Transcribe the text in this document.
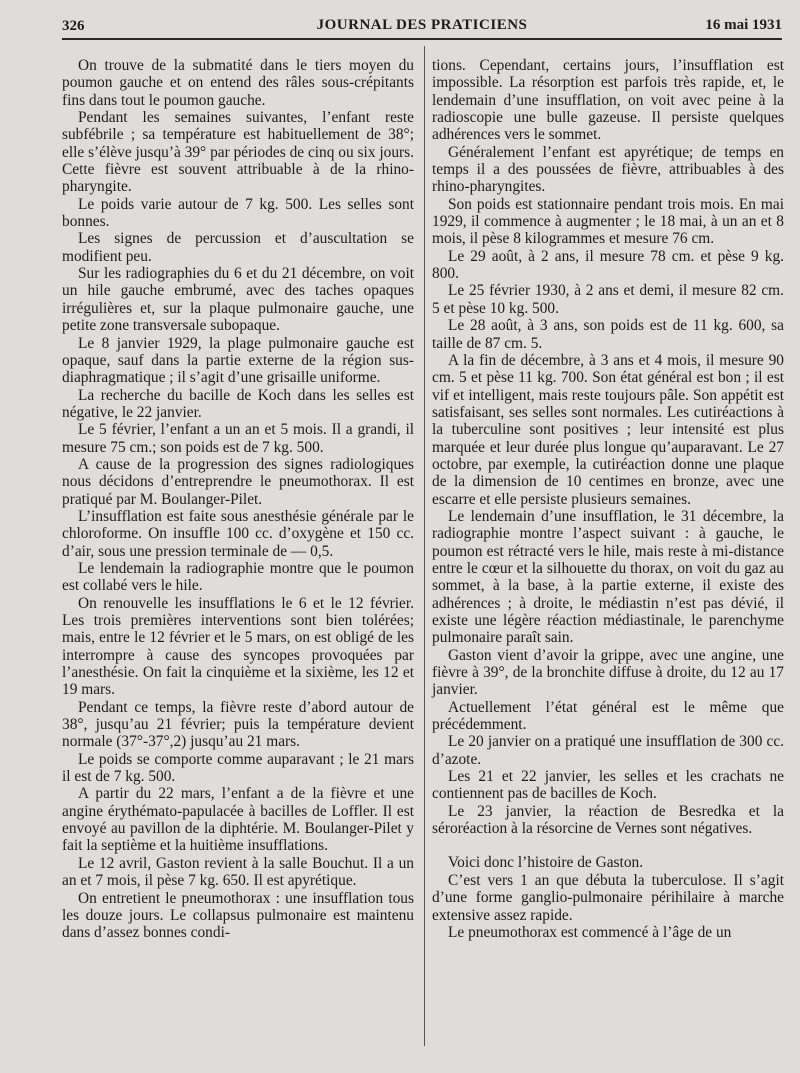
326	JOURNAL DES PRATICIENS	16 mai 1931

On trouve de la submatité dans le tiers moyen du poumon gauche et on entend des râles sous-crépitants fins dans tout le poumon gauche.

Pendant les semaines suivantes, l’enfant reste subfébrile ; sa température est habituellement de 38°; elle s’élève jusqu’à 39° par périodes de cinq ou six jours. Cette fièvre est souvent attribuable à de la rhino-pharyngite.

Le poids varie autour de 7 kg. 500. Les selles sont bonnes.

Les signes de percussion et d’auscultation se modifient peu.

Sur les radiographies du 6 et du 21 décembre, on voit un hile gauche embrumé, avec des taches opaques irrégulières et, sur la plaque pulmonaire gauche, une petite zone transversale subopaque.

Le 8 janvier 1929, la plage pulmonaire gauche est opaque, sauf dans la partie externe de la région sus-diaphragmatique ; il s’agit d’une grisaille uniforme.

La recherche du bacille de Koch dans les selles est négative, le 22 janvier.

Le 5 février, l’enfant a un an et 5 mois. Il a grandi, il mesure 75 cm.; son poids est de 7 kg. 500.

A cause de la progression des signes radiologiques nous décidons d’entreprendre le pneumothorax. Il est pratiqué par M. Boulanger-Pilet.

L’insufflation est faite sous anesthésie générale par le chloroforme. On insuffle 100 cc. d’oxygène et 150 cc. d’air, sous une pression terminale de — 0,5.

Le lendemain la radiographie montre que le poumon est collabé vers le hile.

On renouvelle les insufflations le 6 et le 12 février. Les trois premières interventions sont bien tolérées; mais, entre le 12 février et le 5 mars, on est obligé de les interrompre à cause des syncopes provoquées par l’anesthésie. On fait la cinquième et la sixième, les 12 et 19 mars.

Pendant ce temps, la fièvre reste d’abord autour de 38°, jusqu’au 21 février; puis la température devient normale (37°-37°,2) jusqu’au 21 mars.

Le poids se comporte comme auparavant ; le 21 mars il est de 7 kg. 500.

A partir du 22 mars, l’enfant a de la fièvre et une angine érythémato-papulacée à bacilles de Loffler. Il est envoyé au pavillon de la diphtérie. M. Boulanger-Pilet y fait la septième et la huitième insufflations.

Le 12 avril, Gaston revient à la salle Bouchut. Il a un an et 7 mois, il pèse 7 kg. 650. Il est apyrétique.

On entretient le pneumothorax : une insufflation tous les douze jours. Le collapsus pulmonaire est maintenu dans d’assez bonnes condi-

tions. Cependant, certains jours, l’insufflation est impossible. La résorption est parfois très rapide, et, le lendemain d’une insufflation, on voit avec peine à la radioscopie une bulle gazeuse. Il persiste quelques adhérences vers le sommet.

Généralement l’enfant est apyrétique; de temps en temps il a des poussées de fièvre, attribuables à des rhino-pharyngites.

Son poids est stationnaire pendant trois mois. En mai 1929, il commence à augmenter ; le 18 mai, à un an et 8 mois, il pèse 8 kilogrammes et mesure 76 cm.

Le 29 août, à 2 ans, il mesure 78 cm. et pèse 9 kg. 800.

Le 25 février 1930, à 2 ans et demi, il mesure 82 cm. 5 et pèse 10 kg. 500.

Le 28 août, à 3 ans, son poids est de 11 kg. 600, sa taille de 87 cm. 5.

A la fin de décembre, à 3 ans et 4 mois, il mesure 90 cm. 5 et pèse 11 kg. 700. Son état général est bon ; il est vif et intelligent, mais reste toujours pâle. Son appétit est satisfaisant, ses selles sont normales. Les cutiréactions à la tuberculine sont positives ; leur intensité est plus marquée et leur durée plus longue qu’auparavant. Le 27 octobre, par exemple, la cutiréaction donne une plaque de la dimension de 10 centimes en bronze, avec une escarre et elle persiste plusieurs semaines.

Le lendemain d’une insufflation, le 31 décembre, la radiographie montre l’aspect suivant : à gauche, le poumon est rétracté vers le hile, mais reste à mi-distance entre le cœur et la silhouette du thorax, on voit du gaz au sommet, à la base, à la partie externe, il existe des adhérences ; à droite, le médiastin n’est pas dévié, il existe une légère réaction médiastinale, le parenchyme pulmonaire paraît sain.

Gaston vient d’avoir la grippe, avec une angine, une fièvre à 39°, de la bronchite diffuse à droite, du 12 au 17 janvier.

Actuellement l’état général est le même que précédemment.

Le 20 janvier on a pratiqué une insufflation de 300 cc. d’azote.

Les 21 et 22 janvier, les selles et les crachats ne contiennent pas de bacilles de Koch.

Le 23 janvier, la réaction de Besredka et la séroréaction à la résorcine de Vernes sont négatives.

Voici donc l’histoire de Gaston.

C’est vers 1 an que débuta la tuberculose. Il s’agit d’une forme ganglio-pulmonaire périhilaire à marche extensive assez rapide.

Le pneumothorax est commencé à l’âge de un
